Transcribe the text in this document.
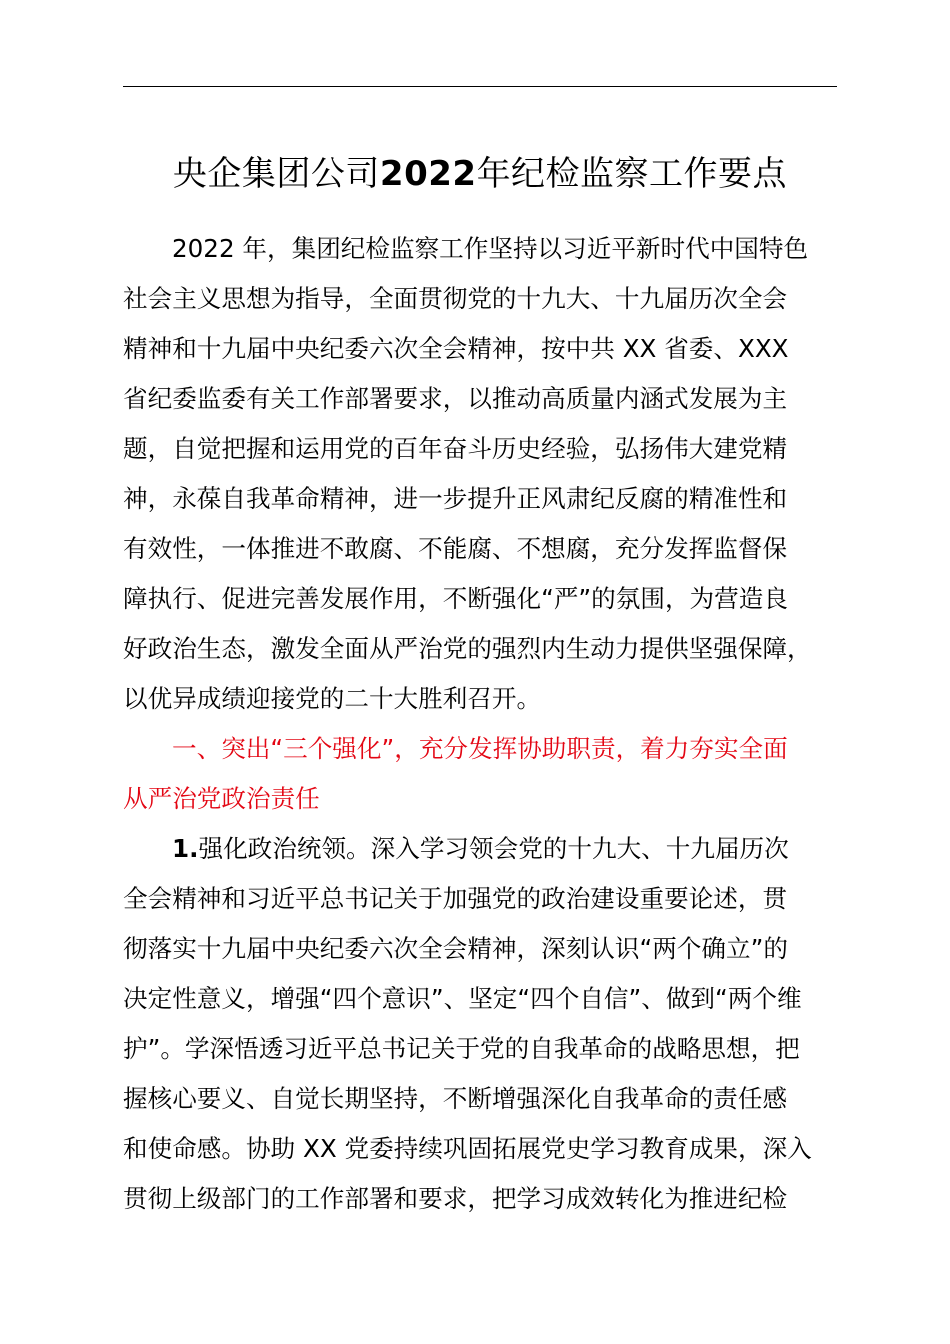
央企集团公司2022年纪检监察工作要点
2022 年，集团纪检监察工作坚持以习近平新时代中国特色
社会主义思想为指导，全面贯彻党的十九大、十九届历次全会
精神和十九届中央纪委六次全会精神，按中共 XX 省委、XXX
省纪委监委有关工作部署要求，以推动高质量内涵式发展为主
题，自觉把握和运用党的百年奋斗历史经验，弘扬伟大建党精
神，永葆自我革命精神，进一步提升正风肃纪反腐的精准性和
有效性，一体推进不敢腐、不能腐、不想腐，充分发挥监督保
障执行、促进完善发展作用，不断强化“严”的氛围，为营造良
好政治生态，激发全面从严治党的强烈内生动力提供坚强保障，
以优异成绩迎接党的二十大胜利召开。
一、突出“三个强化”，充分发挥协助职责，着力夯实全面
从严治党政治责任
1.强化政治统领。深入学习领会党的十九大、十九届历次
全会精神和习近平总书记关于加强党的政治建设重要论述，贯
彻落实十九届中央纪委六次全会精神，深刻认识“两个确立”的
决定性意义，增强“四个意识”、坚定“四个自信”、做到“两个维
护”。学深悟透习近平总书记关于党的自我革命的战略思想，把
握核心要义、自觉长期坚持，不断增强深化自我革命的责任感
和使命感。协助 XX 党委持续巩固拓展党史学习教育成果，深入
贯彻上级部门的工作部署和要求，把学习成效转化为推进纪检
